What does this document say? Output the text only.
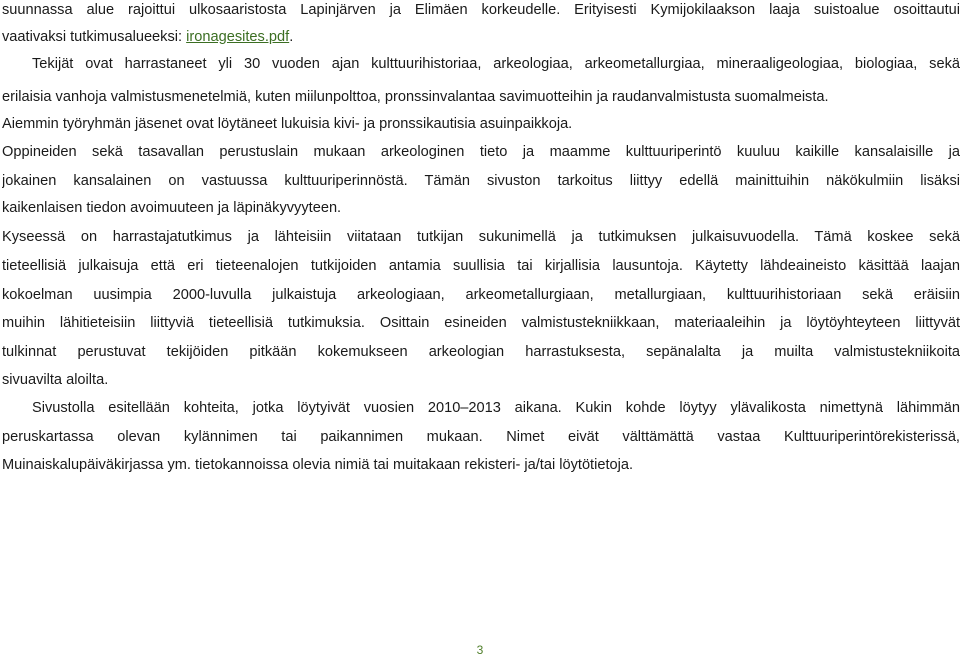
suunnassa alue rajoittui ulkosaaristosta Lapinjärven ja Elimäen korkeudelle. Erityisesti Kymijokilaakson laaja suistoalue osoittautui
vaativaksi tutkimusalueeksi: ironagesites.pdf.
Tekijät ovat harrastaneet yli 30 vuoden ajan kulttuurihistoriaa, arkeologiaa, arkeometallurgiaa, mineraaligeologiaa, biologiaa, sekä
erilaisia vanhoja valmistusmenetelmiä, kuten miilunpolttoa, pronssinvalantaa savimuotteihin ja raudanvalmistusta suomalmeista.
Aiemmin työryhmän jäsenet ovat löytäneet lukuisia kivi- ja pronssikautisia asuinpaikkoja.
Oppineiden sekä tasavallan perustuslain mukaan arkeologinen tieto ja maamme kulttuuriperintö kuuluu kaikille kansalaisille ja
jokainen kansalainen on vastuussa kulttuuriperinnöstä. Tämän sivuston tarkoitus liittyy edellä mainittuihin näkökulmiin lisäksi
kaikenlaisen tiedon avoimuuteen ja läpinäkyvyyteen.
Kyseessä on harrastajatutkimus ja lähteisiin viitataan tutkijan sukunimellä ja tutkimuksen julkaisuvuodella. Tämä koskee sekä
tieteellisiä julkaisuja että eri tieteenalojen tutkijoiden antamia suullisia tai kirjallisia lausuntoja. Käytetty lähdeaineisto käsittää laajan
kokoelman uusimpia 2000-luvulla julkaistuja arkeologiaan, arkeometallurgiaan, metallurgiaan, kulttuurihistoriaan sekä eräisiin
muihin lähitieteisiin liittyviä tieteellisiä tutkimuksia. Osittain esineiden valmistustekniikkaan, materiaaleihin ja löytöyhteyteen liittyvät
tulkinnat perustuvat tekijöiden pitkään kokemukseen arkeologian harrastuksesta, sepänalalta ja muilta valmistustekniikoita
sivuavilta aloilta.
Sivustolla esitellään kohteita, jotka löytyivät vuosien 2010–2013 aikana. Kukin kohde löytyy ylävalikosta nimettynä lähimmän
peruskartassa olevan kylännimen tai paikannimen mukaan. Nimet eivät välttämättä vastaa Kulttuuriperintörekisterissä,
Muinaiskalupäiväkirjassa ym. tietokannoissa olevia nimiä tai muitakaan rekisteri- ja/tai löytötietoja.
3
